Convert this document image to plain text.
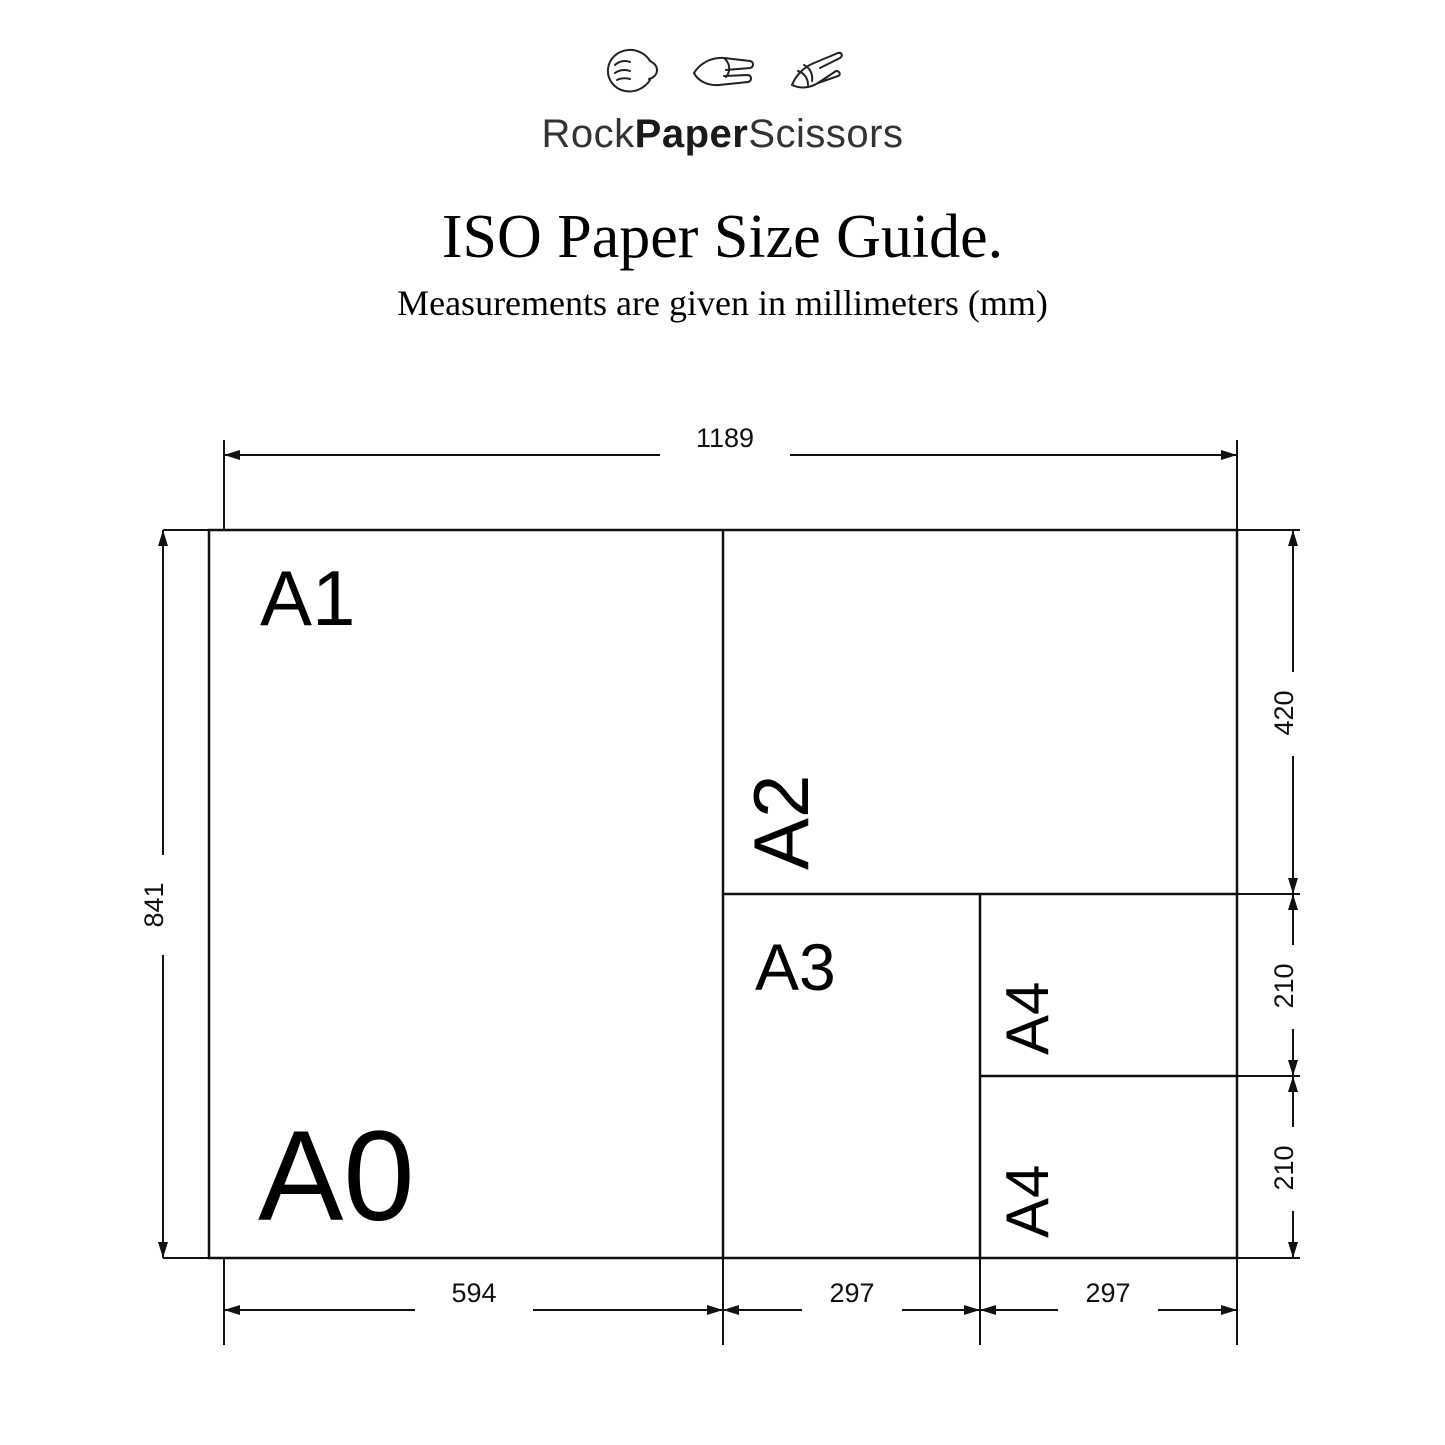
RockPaperScissors
ISO Paper Size Guide.
Measurements are given in millimeters (mm)
1189
A1
A2
A3
A4
A4
A0
841
420
210
210
594	297	297
